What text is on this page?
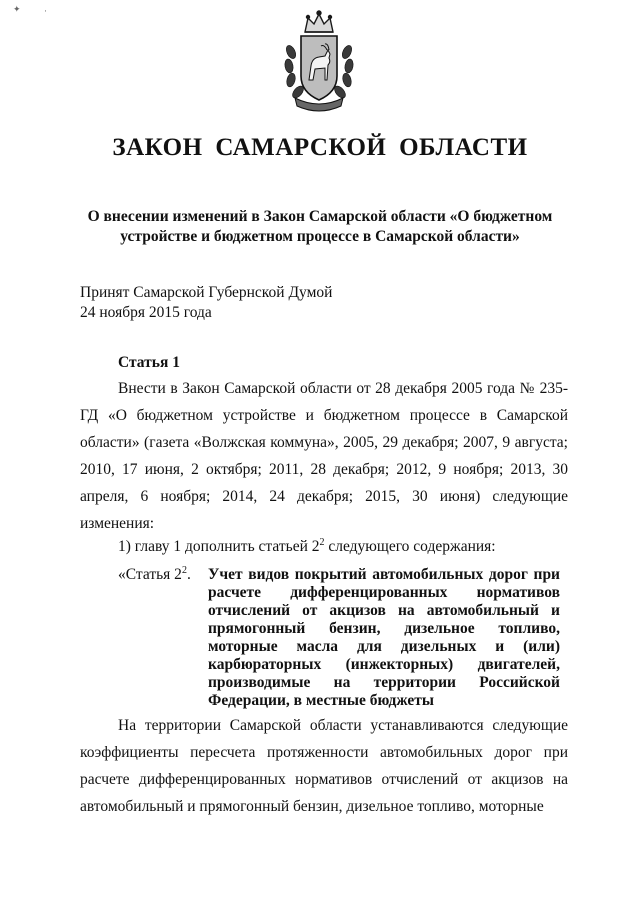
✦	·
ЗАКОН САМАРСКОЙ ОБЛАСТИ
О внесении изменений в Закон Самарской области «О бюджетном устройстве и бюджетном процессе в Самарской области»
Принят Самарской Губернской Думой
24 ноября 2015 года
Статья 1
Внести в Закон Самарской области от 28 декабря 2005 года № 235-ГД «О бюджетном устройстве и бюджетном процессе в Самарской области» (газета «Волжская коммуна», 2005, 29 декабря; 2007, 9 августа; 2010, 17 июня, 2 октября; 2011, 28 декабря; 2012, 9 ноября; 2013, 30 апреля, 6 ноября; 2014, 24 декабря; 2015, 30 июня) следующие изменения:
1) главу 1 дополнить статьей $2^2$ следующего содержания:
«Статья $2^2$. Учет видов покрытий автомобильных дорог при расчете дифференцированных нормативов отчислений от акцизов на автомобильный и прямогонный бензин, дизельное топливо, моторные масла для дизельных и (или) карбюраторных (инжекторных) двигателей, производимые на территории Российской Федерации, в местные бюджеты
На территории Самарской области устанавливаются следующие коэффициенты пересчета протяженности автомобильных дорог при расчете дифференцированных нормативов отчислений от акцизов на автомобильный и прямогонный бензин, дизельное топливо, моторные
